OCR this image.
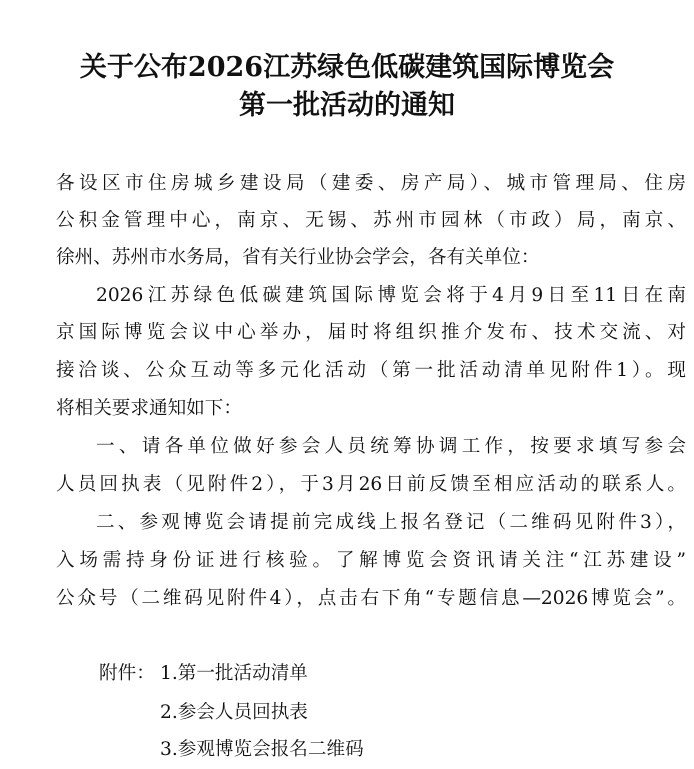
关于公布2026江苏绿色低碳建筑国际博览会
第一批活动的通知
各设区市住房城乡建设局（建委、房产局）、城市管理局、住房
公积金管理中心，南京、无锡、苏州市园林（市政）局，南京、
徐州、苏州市水务局，省有关行业协会学会，各有关单位：
2026江苏绿色低碳建筑国际博览会将于4月9日至11日在南
京国际博览会议中心举办，届时将组织推介发布、技术交流、对
接洽谈、公众互动等多元化活动（第一批活动清单见附件1）。现
将相关要求通知如下：
一、请各单位做好参会人员统筹协调工作，按要求填写参会
人员回执表（见附件2），于3月26日前反馈至相应活动的联系人。
二、参观博览会请提前完成线上报名登记（二维码见附件3），
入场需持身份证进行核验。了解博览会资讯请关注“江苏建设”
公众号（二维码见附件4），点击右下角“专题信息—2026博览会”。
附件： 1.第一批活动清单
2.参会人员回执表
3.参观博览会报名二维码
